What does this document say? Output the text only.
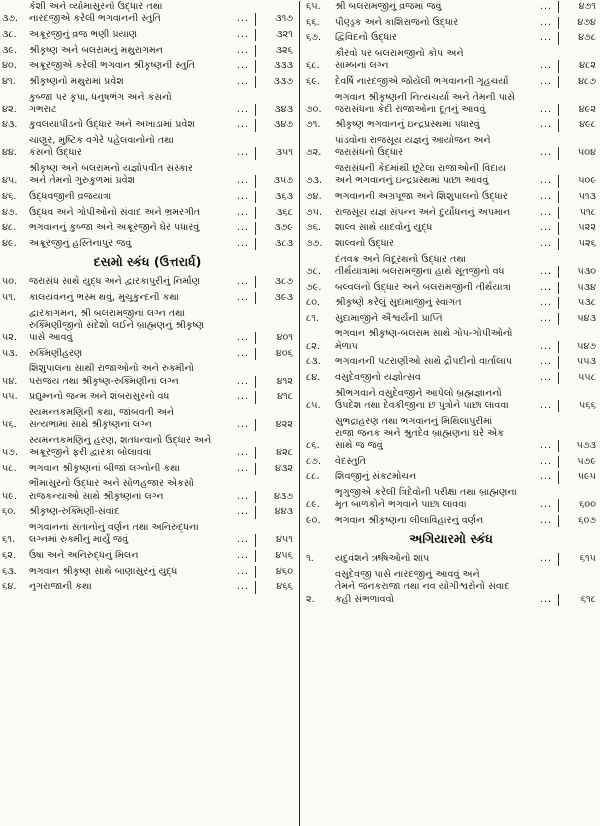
૩૭.
કેશી અને વ્યોમાસુરનો ઉદ્ધાર તથા
નારદજીએ કરેલી ભગવાનની સ્તુતિ	...	૩૧૭
૩૮.	અક્રૂરજીનું વ્રજ ભણી પ્રયાણ	...	૩૨૧
૩૯.	શ્રીકૃષ્ણ અને બલરામનું મથુરાગમન	...	૩૨૬
૪૦.	અક્રૂરજીએ કરેલી ભગવાન શ્રીકૃષ્ણની સ્તુતિ	...	૩૩૩
૪૧.	શ્રીકૃષ્ણનો મથુરામાં પ્રવેશ	...	૩૩૭
૪૨.
કુબ્જા પર કૃપા, ધનુષભંગ અને કંસનો
ગભરાટ	...	૩૪૩
૪૩.	કુવલયાપીડનો ઉદ્ધાર અને અખાડામાં પ્રવેશ	...	૩૪૭
૪૪.
ચાણૂર, મુષ્ટિક વગેરે પહેલવાનોનો તથા
કંસનો ઉદ્ધાર	...	૩૫૧
૪૫.
શ્રીકૃષ્ણ અને બલરામનો યજ્ઞોપવીત સંસ્કાર
અને તેમનો ગુરુકુળમાં પ્રવેશ	...	૩૫૭
૪૬.	ઉદ્ધવજીની વ્રજયાત્રા	...	૩૬૩
૪૭.	ઉદ્ધવ અને ગોપીઓનો સંવાદ અને ભ્રમરગીત	...	૩૬૮
૪૮.	ભગવાનનું કુબ્જા અને અક્રૂરજીને ઘેર પધારવું	...	૩૭૯
૪૯.	અક્રૂરજીનું હસ્તિનાપુર જવું	...	૩૮૩
દસમો સ્કંધ (ઉત્તરાર્ધ)
૫૦.	જરાસંધ સાથે યુદ્ધ અને દ્વારકાપુરીનું નિર્માણ	...	૩૮૭
૫૧.	કાલયવનનું ભસ્મ થવું, મુચુકુન્દની કથા	...	૩૯૩
૫૨.
દ્વારકાગમન, શ્રી બલરામજીનાં લગ્ન તથા
રુક્મિણીજીનો સંદેશો લઈને બ્રાહ્મણનું શ્રીકૃષ્ણ
પાસે આવવું	...	૪૦૧
૫૩.	રુક્મિણીહરણ	...	૪૦૬
૫૪.
શિશુપાલના સાથી રાજાઓનો અને રુક્મીનો
પરાજય તથા શ્રીકૃષ્ણ-રુક્મિણીનાં લગ્ન	...	૪૧૨
૫૫.	પ્રદ્યુમ્નનો જન્મ અને શંબરાસુરનો વધ	...	૪૧૮
૫૬.
સ્યમન્તકમણિની કથા, જાંબવતી અને
સત્યભામા સાથે શ્રીકૃષ્ણનાં લગ્ન	...	૪૨૨
૫૭.
સ્યમન્તકમણિનું હરણ, શતધન્વાનો ઉદ્ધાર અને
અક્રૂરજીને ફરી દ્વારકા બોલાવવા	...	૪૨૮
૫૮.	ભગવાન શ્રીકૃષ્ણનાં બીજાં લગ્નોની કથા	...	૪૩૨
૫૯.
ભૌમાસુરનો ઉદ્ધાર અને સોળહજાર એકસો
રાજકન્યાઓ સાથે શ્રીકૃષ્ણનાં લગ્ન	...	૪૩૭
૬૦.	શ્રીકૃષ્ણ-રુક્મિણી-સંવાદ	...	૪૪૩
૬૧.
ભગવાનનાં સંતાનોનું વર્ણન તથા અનિરુદ્ધના
લગ્નમાં રુક્મીનું માર્યું જવું	...	૪૫૧
૬૨.	ઉષા અને અનિરુદ્ધનું મિલન	...	૪૫૬
૬૩.	ભગવાન શ્રીકૃષ્ણ સાથે બાણાસુરનું યુદ્ધ	...	૪૬૦
૬૪.	નૃગરાજાની કથા	...	૪૬૬
૬૫.	શ્રી બલરામજીનું વ્રજમાં જવું	...	૪૭૧
૬૬.	પૌણ્ડ્રક અને કાશિરાજનો ઉદ્ધાર	...	૪૭૪
૬૭.	દ્વિવિદનો ઉદ્ધાર	...	૪૭૮
૬૮.
કૌરવો પર બલરામજીનો કોપ અને
સામ્બનાં લગ્ન	...	૪૮૨
૬૯.	દેવર્ષિ નારદજીએ જોયેલી ભગવાનની ગૃહચર્યા	...	૪૮૭
૭૦.
ભગવાન શ્રીકૃષ્ણની નિત્યચર્યા અને તેમની પાસે
જરાસંધના કેદી રાજાઓના દૂતનું આવવું	...	૪૯૨
૭૧.	શ્રીકૃષ્ણ ભગવાનનું ઇન્દ્રપ્રસ્થમાં પધારવું	...	૪૯૮
૭૨.
પાંડવોના રાજસૂય યજ્ઞનું આયોજન અને
જરાસંધનો ઉદ્ધાર	...	૫૦૪
૭૩.
જરાસંધની કેદમાંથી છૂટેલા રાજાઓની વિદાય
અને ભગવાનનું ઇન્દ્રપ્રસ્થમાં પાછા આવવું	...	૫૦૯
૭૪.	ભગવાનની અગ્રપૂજા અને શિશુપાલનો ઉદ્ધાર	...	૫૧૩
૭૫.	રાજસૂય યજ્ઞ સંપન્ન અને દુર્યોધનનું અપમાન	...	૫૧૮
૭૬.	શાલ્વ સાથે યાદવોનું યુદ્ધ	...	૫૨૨
૭૭.	શાલ્વનો ઉદ્ધાર	...	૫૨૬
૭૮.
દંતવક્ર અને વિદૂરથનો ઉદ્ધાર તથા
તીર્થયાત્રામાં બલરામજીના હાથે સૂતજીનો વધ	...	૫૩૦
૭૯.	બલ્વલનો ઉદ્ધાર અને બલરામજીની તીર્થયાત્રા	...	૫૩૪
૮૦.	શ્રીકૃષ્ણે કરેલું સુદામાજીનું સ્વાગત	...	૫૩૮
૮૧.	સુદામાજીને ઐશ્વર્યની પ્રાપ્તિ	...	૫૪૩
૮૨.
ભગવાન શ્રીકૃષ્ણ-બલરામ સાથે ગોપ-ગોપીઓનો
મેળાપ	...	૫૪૭
૮૩.	ભગવાનની પટરાણીઓ સાથે દ્રૌપદીનો વાર્તાલાપ	...	૫૫૩
૮૪.	વસુદેવજીનો યજ્ઞોત્સવ	...	૫૫૮
૮૫.
શ્રીભગવાને વસુદેવજીને આપેલો બ્રહ્મજ્ઞાનનો
ઉપદેશ તથા દેવકીજીના છ પુત્રોને પાછા લાવવા	...	૫૬૬
૮૬.
સુભદ્રાહરણ તથા ભગવાનનું મિથિલાપુરીમાં
રાજા જનક અને શ્રુતદેવ બ્રાહ્મણના ઘરે એક
સાથે જ જવું	...	૫૭૩
૮૭.	વેદસ્તુતિ	...	૫૭૯
૮૮.	શિવજીનું સંકટમોચન	...	૫૯૫
૮૯.
ભૃગુજીએ કરેલી ત્રિદેવોની પરીક્ષા તથા બ્રાહ્મણના
મૃત બાળકોને ભગવાને પાછા લાવવા	...	૬૦૦
૯૦.	ભગવાન શ્રીકૃષ્ણના લીલાવિહારનું વર્ણન	...	૬૦૭
અગિયારમો સ્કંધ
૧.	યદુવંશને ઋષિઓનો શાપ	...	૬૧૫
૨.
વસુદેવજી પાસે નારદજીનું આવવું અને
તેમને જનકરાજા તથા નવ યોગીશ્વરોનો સંવાદ
કહી સંભળાવવો	...	૬૧૮
